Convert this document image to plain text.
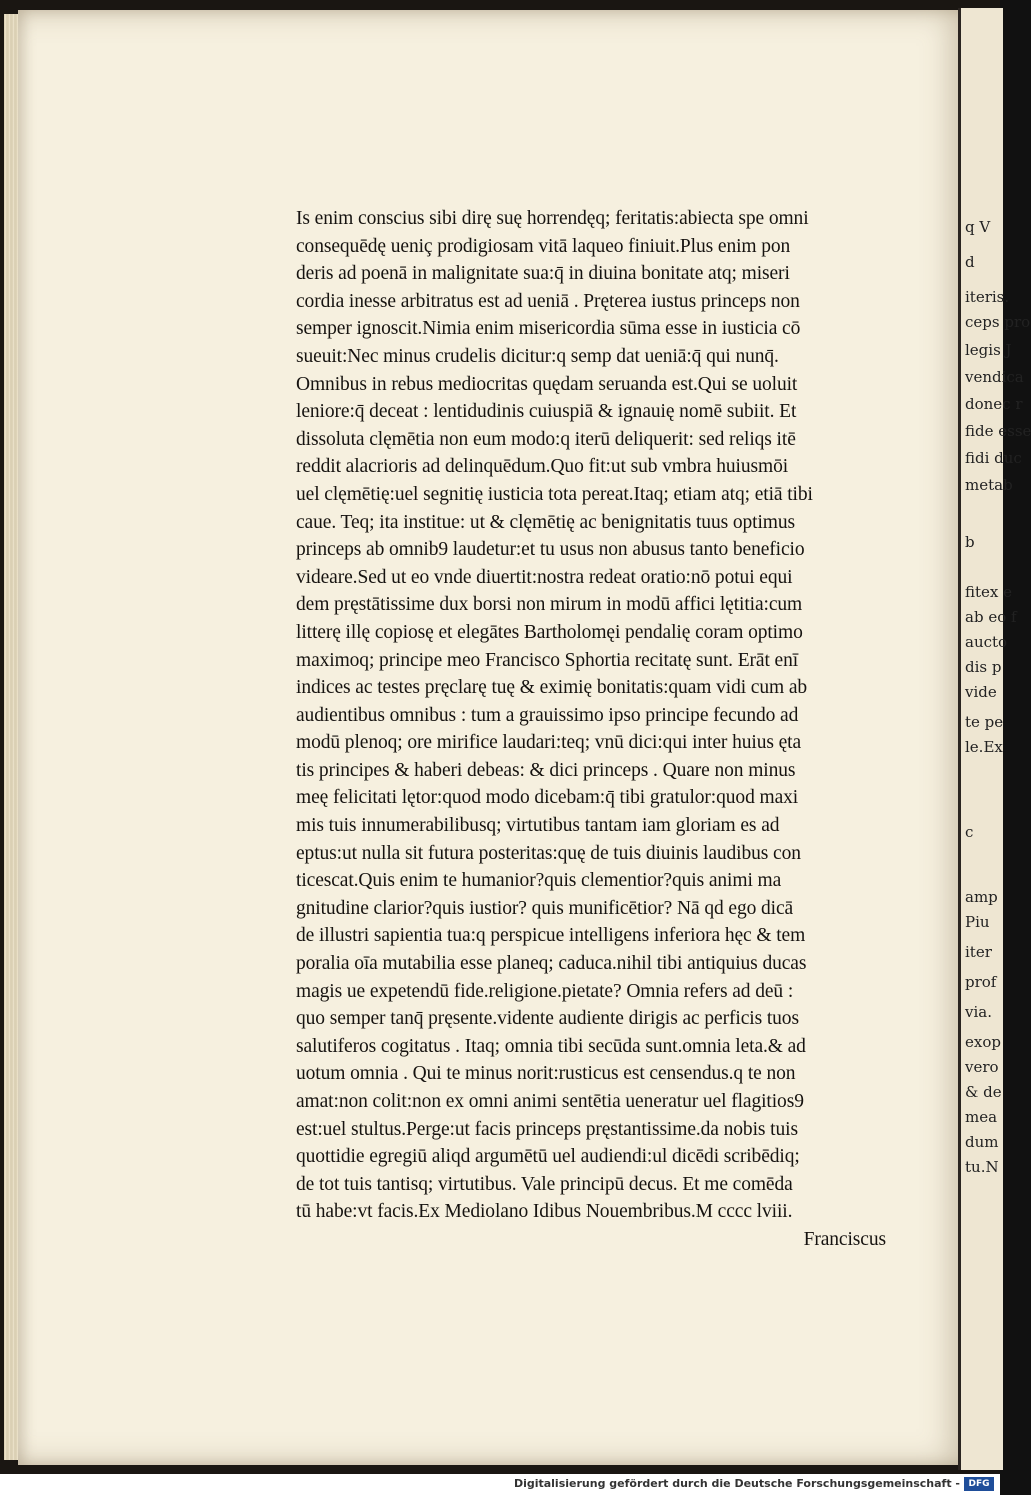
Is enim conscius sibi dirę suę horrendęq; feritatis:abiecta spe omni
consequēdę ueniç prodigiosam vitā laqueo finiuit.Plus enim pon
deris ad poenā in malignitate sua:q̄ in diuina bonitate atq; miseri
cordia inesse arbitratus est ad ueniā . Pręterea iustus princeps non
semper ignoscit.Nimia enim misericordia sūma esse in iusticia cō
sueuit:Nec minus crudelis dicitur:q semp dat ueniā:q̄ qui nunq̄.
Omnibus in rebus mediocritas quędam seruanda est.Qui se uoluit
leniore:q̄ deceat : lentidudinis cuiuspiā & ignauię nomē subiit. Et
dissoluta clęmētia non eum modo:q iterū deliquerit: sed reliqs itē
reddit alacrioris ad delinquēdum.Quo fit:ut sub vmbra huiusmōi
uel clęmētię:uel segnitię iusticia tota pereat.Itaq; etiam atq; etiā tibi
caue. Teq; ita institue: ut & clęmētię ac benignitatis tuus optimus
princeps ab omnib9 laudetur:et tu usus non abusus tanto beneficio
videare.Sed ut eo vnde diuertit:nostra redeat oratio:nō potui equi
dem pręstātissime dux borsi non mirum in modū affici lętitia:cum
litterę illę copiosę et elegātes Bartholomęi pendalię coram optimo
maximoq; principe meo Francisco Sphortia recitatę sunt. Erāt enī
indices ac testes pręclarę tuę & eximię bonitatis:quam vidi cum ab
audientibus omnibus : tum a grauissimo ipso principe fecundo ad
modū plenoq; ore mirifice laudari:teq; vnū dici:qui inter huius ęta
tis principes & haberi debeas: & dici princeps . Quare non minus
meę felicitati lętor:quod modo dicebam:q̄ tibi gratulor:quod maxi
mis tuis innumerabilibusq; virtutibus tantam iam gloriam es ad
eptus:ut nulla sit futura posteritas:quę de tuis diuinis laudibus con
ticescat.Quis enim te humanior?quis clementior?quis animi ma
gnitudine clarior?quis iustior? quis munificētior? Nā qd ego dicā
de illustri sapientia tua:q perspicue intelligens inferiora hęc & tem
poralia oīa mutabilia esse planeq; caduca.nihil tibi antiquius ducas
magis ue expetendū fide.religione.pietate? Omnia refers ad deū :
quo semper tanq̄ pręsente.vidente audiente dirigis ac perficis tuos
salutiferos cogitatus . Itaq; omnia tibi secūda sunt.omnia leta.& ad
uotum omnia . Qui te minus norit:rusticus est censendus.q te non
amat:non colit:non ex omni animi sentētia ueneratur uel flagitios9
est:uel stultus.Perge:ut facis princeps pręstantissime.da nobis tuis
quottidie egregiū aliqd argumētū uel audiendi:ul dicēdi scribēdiq;
de tot tuis tantisq; virtutibus. Vale principū decus. Et me comēda
tū habe:vt facis.Ex Mediolano Idibus Nouembribus.M cccc lviii.
Franciscus
q V
d
iteris.
ceps pro
legis J
vendica
donec r
fide esse
fidi duc
metab
b
fitex e
ab eo f
aucto
dis p
vide
te pe
le.Ex
c
amp
Piu
iter
prof
via.
exop
vero
& de
mea
dum
tu.N
Digitalisierung gefördert durch die Deutsche Forschungsgemeinschaft - DFG
